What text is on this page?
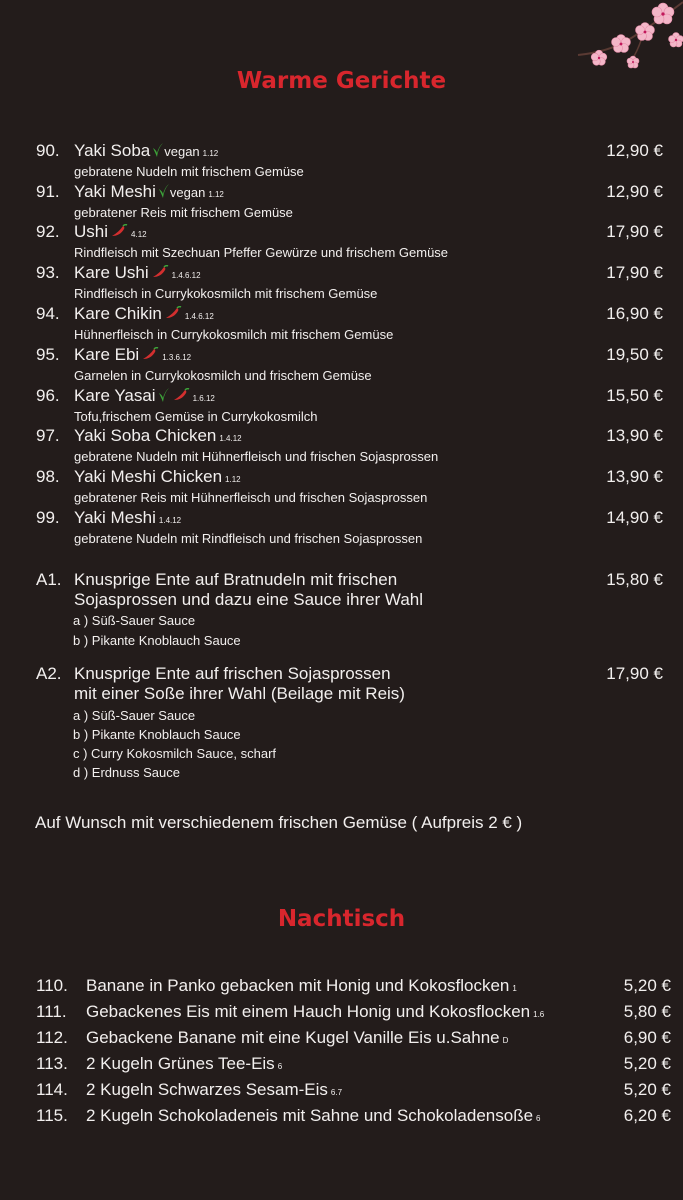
Warme Gerichte
90. Yaki Soba vegan 1.12
gebratene Nudeln mit frischem Gemüse
12,90 €
91. Yaki Meshi vegan 1.12
gebratener Reis mit frischem Gemüse
12,90 €
92. Ushi	4.12
Rindfleisch mit Szechuan Pfeffer Gewürze und frischem Gemüse
17,90 €
93. Kare Ushi	1.4.6.12
Rindfleisch in Currykokosmilch mit frischem Gemüse
17,90 €
94. Kare Chikin	1.4.6.12
Hühnerfleisch in Currykokosmilch mit frischem Gemüse
16,90 €
95. Kare Ebi	1.3.6.12
Garnelen in Currykokosmilch und frischem Gemüse
19,50 €
96. Kare Yasai	1.6.12
Tofu,frischem Gemüse in Currykokosmilch
15,50 €
97. Yaki Soba Chicken 1.4.12
gebratene Nudeln mit Hühnerfleisch und frischen Sojasprossen
13,90 €
98. Yaki Meshi Chicken 1.12
gebratener Reis mit Hühnerfleisch und frischen Sojasprossen
13,90 €
99. Yaki Meshi 1.4.12
gebratene Nudeln mit Rindfleisch und frischen Sojasprossen
14,90 €
A1. Knusprige Ente auf Bratnudeln mit frischen
Sojasprossen und dazu eine Sauce ihrer Wahl
a ) Süß-Sauer Sauce
b ) Pikante Knoblauch Sauce
15,80 €
A2. Knusprige Ente auf frischen Sojasprossen
mit einer Soße ihrer Wahl (Beilage mit Reis)
a ) Süß-Sauer Sauce
b ) Pikante Knoblauch Sauce
c ) Curry Kokosmilch Sauce, scharf
d ) Erdnuss Sauce
17,90 €
Auf Wunsch mit verschiedenem frischen Gemüse ( Aufpreis 2 € )
Nachtisch
110. Banane in Panko gebacken mit Honig und Kokosflocken 1	5,20 €
111. Gebackenes Eis mit einem Hauch Honig und Kokosflocken 1.6	5,80 €
112. Gebackene Banane mit eine Kugel Vanille Eis u.Sahne D	6,90 €
113. 2 Kugeln Grünes Tee-Eis 6	5,20 €
114. 2 Kugeln Schwarzes Sesam-Eis 6.7	5,20 €
115. 2 Kugeln Schokoladeneis mit Sahne und Schokoladensoße 6	6,20 €
